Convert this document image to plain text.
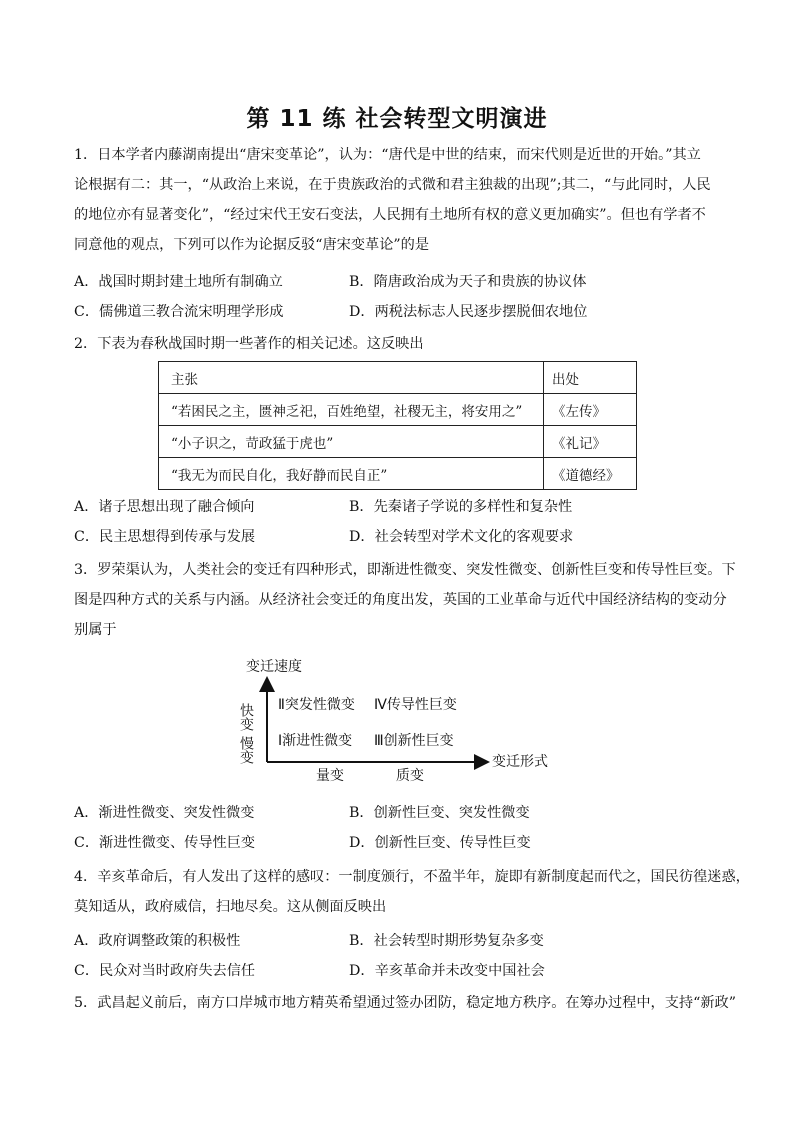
第 11 练 社会转型文明演进
1．日本学者内藤湖南提出“唐宋变革论”，认为：“唐代是中世的结束，而宋代则是近世的开始。”其立
论根据有二：其一，“从政治上来说，在于贵族政治的式微和君主独裁的出现”;其二，“与此同时，人民
的地位亦有显著变化”，“经过宋代王安石变法，人民拥有土地所有权的意义更加确实”。但也有学者不
同意他的观点，下列可以作为论据反驳“唐宋变革论”的是
A．战国时期封建土地所有制确立	B．隋唐政治成为天子和贵族的协议体
C．儒佛道三教合流宋明理学形成	D．两税法标志人民逐步摆脱佃农地位
2．下表为春秋战国时期一些著作的相关记述。这反映出
主张	出处
“若困民之主，匮神乏祀，百姓绝望，社稷无主，将安用之”	《左传》
“小子识之，苛政猛于虎也”	《礼记》
“我无为而民自化，我好静而民自正”	《道德经》
A．诸子思想出现了融合倾向	B．先秦诸子学说的多样性和复杂性
C．民主思想得到传承与发展	D．社会转型对学术文化的客观要求
3．罗荣渠认为，人类社会的变迁有四种形式，即渐进性微变、突发性微变、创新性巨变和传导性巨变。下
图是四种方式的关系与内涵。从经济社会变迁的角度出发，英国的工业革命与近代中国经济结构的变动分
别属于
变迁速度
变迁形式
快变
慢变
Ⅱ突发性微变 Ⅳ传导性巨变
Ⅰ渐进性微变 Ⅲ创新性巨变
量变	质变
A．渐进性微变、突发性微变	B．创新性巨变、突发性微变
C．渐进性微变、传导性巨变	D．创新性巨变、传导性巨变
4．辛亥革命后，有人发出了这样的感叹：一制度颁行，不盈半年，旋即有新制度起而代之，国民彷徨迷惑，
莫知适从，政府威信，扫地尽矣。这从侧面反映出
A．政府调整政策的积极性	B．社会转型时期形势复杂多变
C．民众对当时政府失去信任	D．辛亥革命并未改变中国社会
5．武昌起义前后，南方口岸城市地方精英希望通过签办团防，稳定地方秩序。在筹办过程中，支持“新政”
